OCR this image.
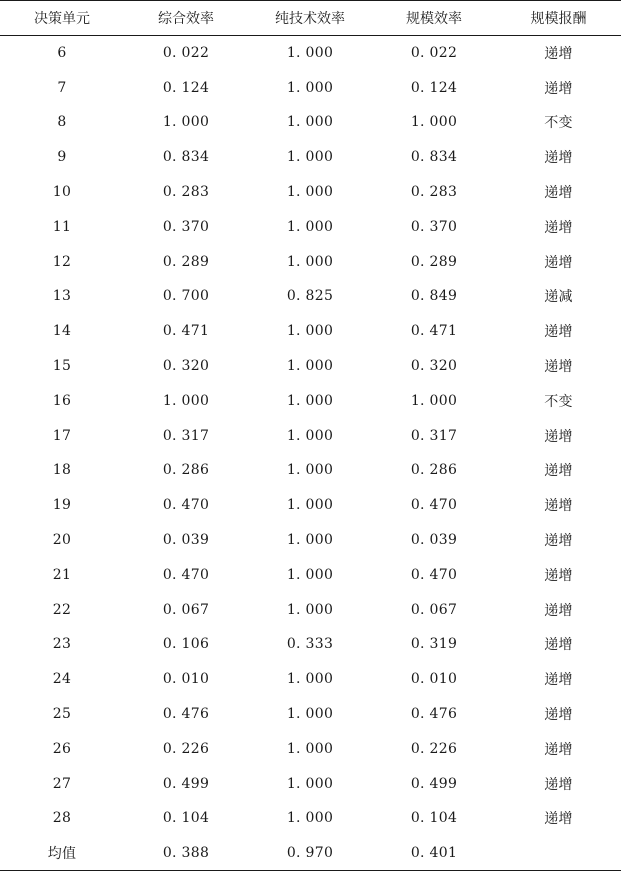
决策单元	综合效率	纯技术效率	规模效率	规模报酬
6	0. 022	1. 000	0. 022	递增
7	0. 124	1. 000	0. 124	递增
8	1. 000	1. 000	1. 000	不变
9	0. 834	1. 000	0. 834	递增
10	0. 283	1. 000	0. 283	递增
11	0. 370	1. 000	0. 370	递增
12	0. 289	1. 000	0. 289	递增
13	0. 700	0. 825	0. 849	递减
14	0. 471	1. 000	0. 471	递增
15	0. 320	1. 000	0. 320	递增
16	1. 000	1. 000	1. 000	不变
17	0. 317	1. 000	0. 317	递增
18	0. 286	1. 000	0. 286	递增
19	0. 470	1. 000	0. 470	递增
20	0. 039	1. 000	0. 039	递增
21	0. 470	1. 000	0. 470	递增
22	0. 067	1. 000	0. 067	递增
23	0. 106	0. 333	0. 319	递增
24	0. 010	1. 000	0. 010	递增
25	0. 476	1. 000	0. 476	递增
26	0. 226	1. 000	0. 226	递增
27	0. 499	1. 000	0. 499	递增
28	0. 104	1. 000	0. 104	递增
均值	0. 388	0. 970	0. 401	
